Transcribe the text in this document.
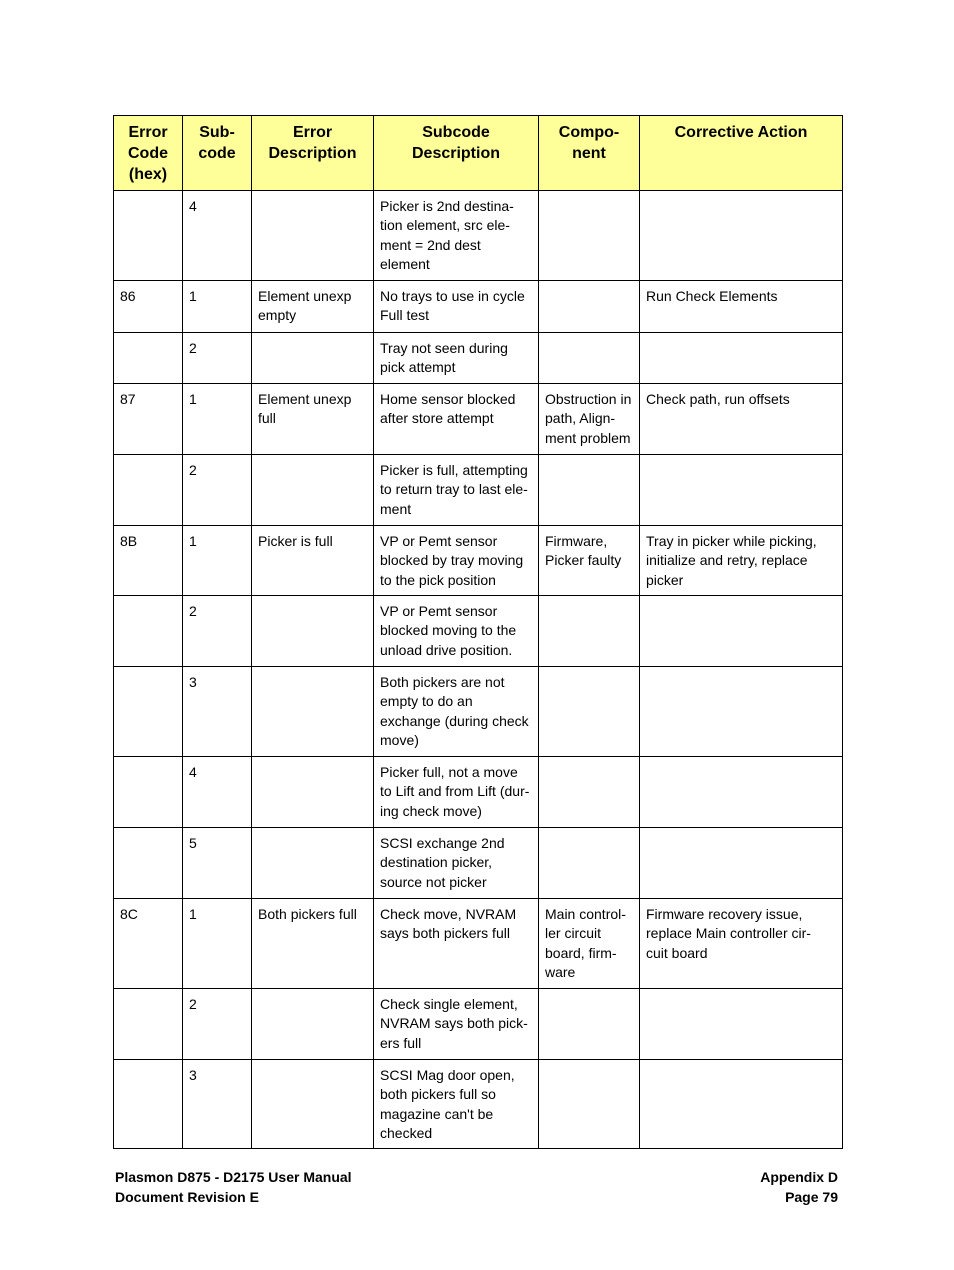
Error Code (hex)	Sub- code	Error Description	Subcode Description	Compo- nent	Corrective Action
	4		Picker is 2nd destina- tion element, src ele- ment = 2nd dest element		
86	1	Element unexp empty	No trays to use in cycle Full test		Run Check Elements
	2		Tray not seen during pick attempt		
87	1	Element unexp full	Home sensor blocked after store attempt	Obstruction in path, Align- ment problem	Check path, run offsets
	2		Picker is full, attempting to return tray to last ele- ment		
8B	1	Picker is full	VP or Pemt sensor blocked by tray moving to the pick position	Firmware, Picker faulty	Tray in picker while picking, initialize and retry, replace picker
	2		VP or Pemt sensor blocked moving to the unload drive position.		
	3		Both pickers are not empty to do an exchange (during check move)		
	4		Picker full, not a move to Lift and from Lift (dur- ing check move)		
	5		SCSI exchange 2nd destination picker, source not picker		
8C	1	Both pickers full	Check move, NVRAM says both pickers full	Main control- ler circuit board, firm- ware	Firmware recovery issue, replace Main controller cir- cuit board
	2		Check single element, NVRAM says both pick- ers full		
	3		SCSI Mag door open, both pickers full so magazine can't be checked		
Plasmon D875 - D2175 User Manual
Document Revision E
Appendix D
Page 79
